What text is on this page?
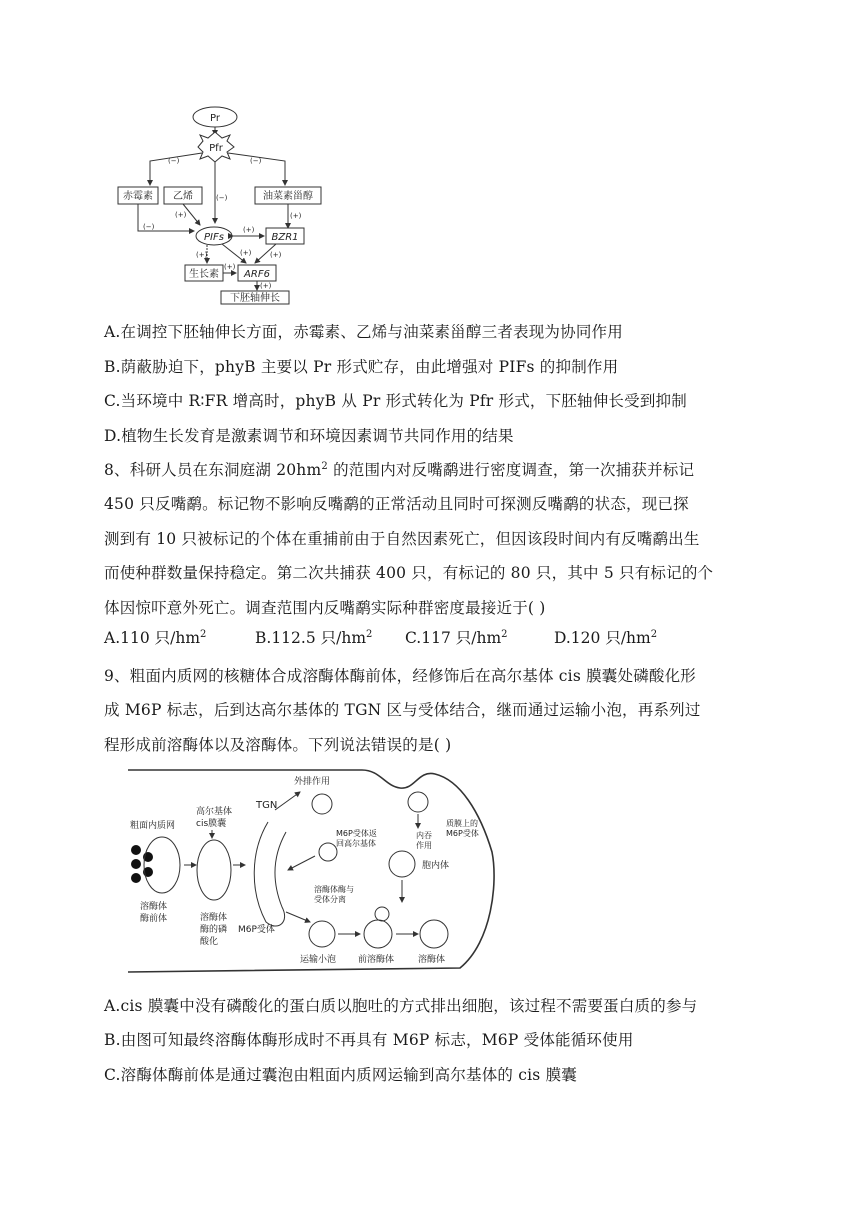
Pr
Pfr
(−)	(−)
(−)
赤霉素 乙烯	油菜素甾醇
(−)
(+)	(+)
PIFs	BZR1
(+)
(+)	(+)	(+)
生长素
(+)
ARF6
(+)
下胚轴伸长
A.在调控下胚轴伸长方面，赤霉素、乙烯与油菜素甾醇三者表现为协同作用
B.荫蔽胁迫下，phyB 主要以 Pr 形式贮存，由此增强对 PIFs 的抑制作用
C.当环境中 R∶FR 增高时，phyB 从 Pr 形式转化为 Pfr 形式，下胚轴伸长受到抑制
D.植物生长发育是激素调节和环境因素调节共同作用的结果
8、科研人员在东洞庭湖 $20hm^2$ 的范围内对反嘴鹬进行密度调查，第一次捕获并标记
450 只反嘴鹬。标记物不影响反嘴鹬的正常活动且同时可探测反嘴鹬的状态，现已探
测到有 10 只被标记的个体在重捕前由于自然因素死亡，但因该段时间内有反嘴鹬出生
而使种群数量保持稳定。第二次共捕获 400 只，有标记的 80 只，其中 5 只有标记的个
体因惊吓意外死亡。调查范围内反嘴鹬实际种群密度最接近于( )
A.110 只$/hm^2$	B.112.5 只$/hm^2$ C.117 只$/hm^2$	D.120 只$/hm^2$
9、粗面内质网的核糖体合成溶酶体酶前体，经修饰后在高尔基体 cis 膜囊处磷酸化形
成 M6P 标志，后到达高尔基体的 TGN 区与受体结合，继而通过运输小泡，再系列过
程形成前溶酶体以及溶酶体。下列说法错误的是( )
粗面内质网
溶酶体
酶前体
高尔基体
cis膜囊
溶酶体
酶的磷
酸化
TGN
外排作用
M6P受体
内吞
作用
质膜上的
M6P受体
M6P受体返
回高尔基体
胞内体
溶酶体酶与
受体分离
运输小泡 前溶酶体	溶酶体
A.cis 膜囊中没有磷酸化的蛋白质以胞吐的方式排出细胞，该过程不需要蛋白质的参与
B.由图可知最终溶酶体酶形成时不再具有 M6P 标志，M6P 受体能循环使用
C.溶酶体酶前体是通过囊泡由粗面内质网运输到高尔基体的 cis 膜囊
